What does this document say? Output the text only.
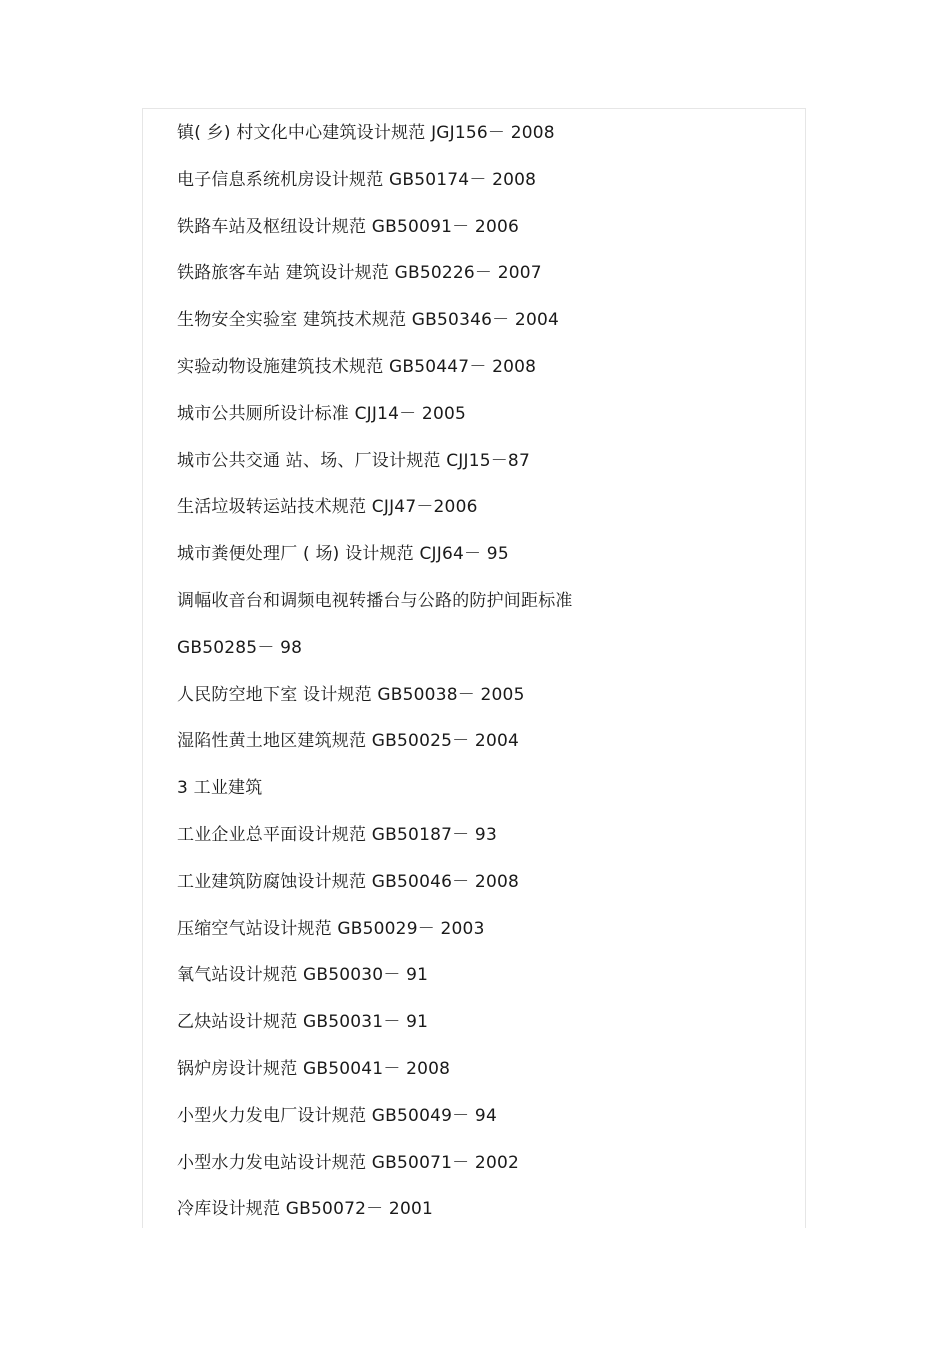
镇( 乡) 村文化中心建筑设计规范 JGJ156－ 2008
电子信息系统机房设计规范 GB50174－ 2008
铁路车站及枢纽设计规范 GB50091－ 2006
铁路旅客车站 建筑设计规范 GB50226－ 2007
生物安全实验室 建筑技术规范 GB50346－ 2004
实验动物设施建筑技术规范 GB50447－ 2008
城市公共厕所设计标准 CJJ14－ 2005
城市公共交通 站、场、厂设计规范 CJJ15－87
生活垃圾转运站技术规范 CJJ47－2006
城市粪便处理厂 ( 场) 设计规范 CJJ64－ 95
调幅收音台和调频电视转播台与公路的防护间距标准
GB50285－ 98
人民防空地下室 设计规范 GB50038－ 2005
湿陷性黄土地区建筑规范 GB50025－ 2004
3 工业建筑
工业企业总平面设计规范 GB50187－ 93
工业建筑防腐蚀设计规范 GB50046－ 2008
压缩空气站设计规范 GB50029－ 2003
氧气站设计规范 GB50030－ 91
乙炔站设计规范 GB50031－ 91
锅炉房设计规范 GB50041－ 2008
小型火力发电厂设计规范 GB50049－ 94
小型水力发电站设计规范 GB50071－ 2002
冷库设计规范 GB50072－ 2001
